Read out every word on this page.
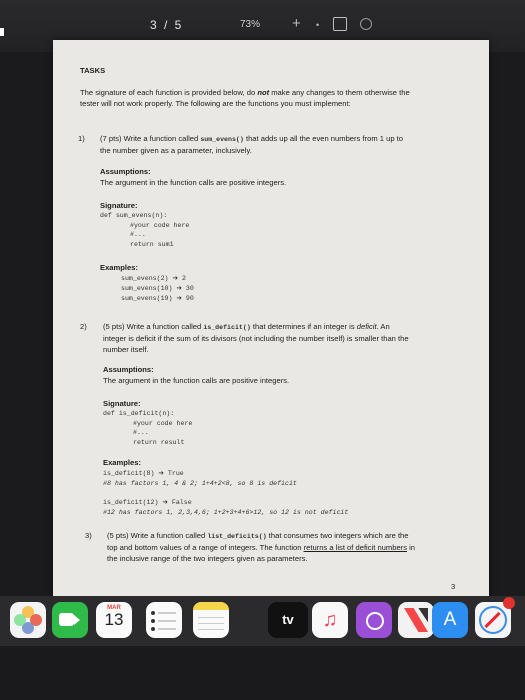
3 / 5	73% + •
TASKS
The signature of each function is provided below, do not make any changes to them otherwise the
tester will not work properly. The following are the functions you must implement:
1) (7 pts) Write a function called sum_evens() that adds up all the even numbers from 1 up to
the number given as a parameter, inclusively.
Assumptions:
The argument in the function calls are positive integers.
Signature:
def sum_evens(n):
#your code here
#...
return sum1
Examples:
sum_evens(2) ➔ 2
sum_evens(10) ➔ 30
sum_evens(19) ➔ 90
2) (5 pts) Write a function called is_deficit() that determines if an integer is deficit. An
integer is deficit if the sum of its divisors (not including the number itself) is smaller than the
number itself.
Assumptions:
The argument in the function calls are positive integers.
Signature:
def is_deficit(n):
#your code here
#...
return result
Examples:
is_deficit(8) ➔ True
#8 has factors 1, 4 & 2; 1+4+2<8, so 8 is deficit
is_deficit(12) ➔ False
#12 has factors 1, 2,3,4,6; 1+2+3+4+6>12, so 12 is not deficit
3) (5 pts) Write a function called list_deficits() that consumes two integers which are the
top and bottom values of a range of integers. The function returns a list of deficit numbers in
the inclusive range of the two integers given as parameters.
3
MAR
13	tv	♫	A
